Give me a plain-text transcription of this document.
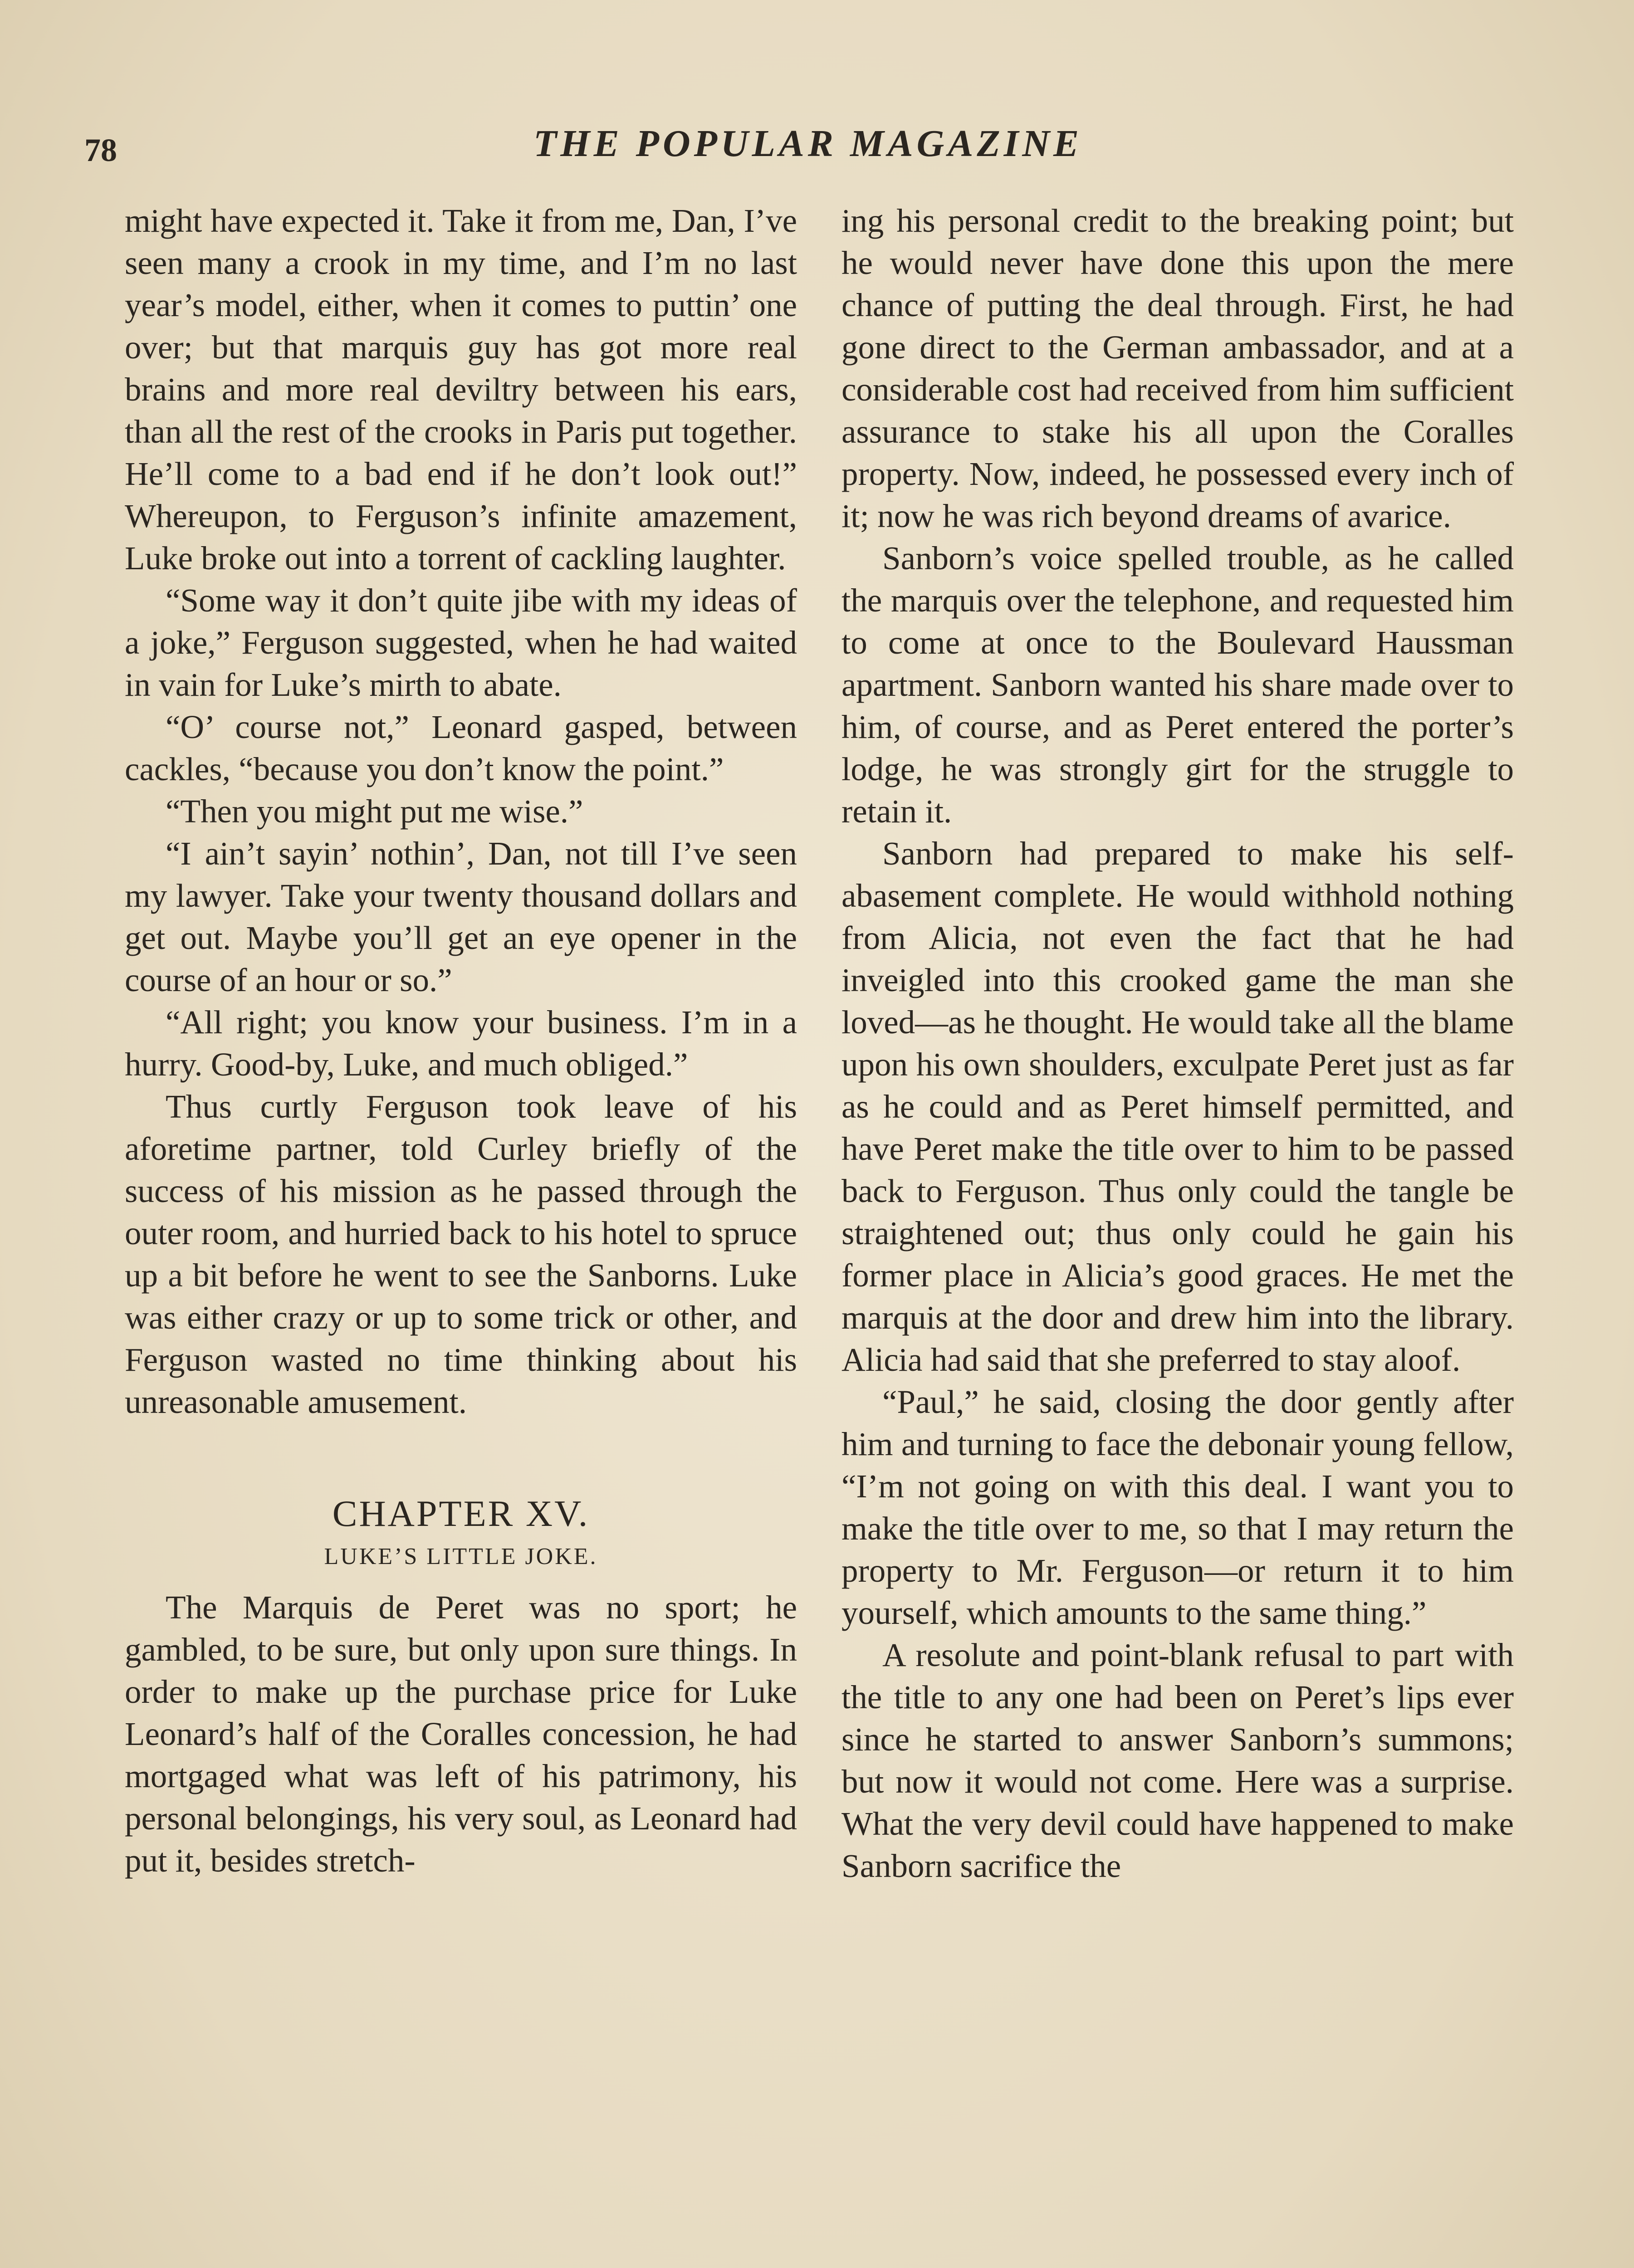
78	THE POPULAR MAGAZINE

might have expected it. Take it from me, Dan, I’ve seen many a crook in my time, and I’m no last year’s model, either, when it comes to puttin’ one over; but that marquis guy has got more real brains and more real deviltry between his ears, than all the rest of the crooks in Paris put together. He’ll come to a bad end if he don’t look out!” Whereupon, to Ferguson’s infinite amazement, Luke broke out into a torrent of cackling laughter.

“Some way it don’t quite jibe with my ideas of a joke,” Ferguson suggested, when he had waited in vain for Luke’s mirth to abate.

“O’ course not,” Leonard gasped, between cackles, “because you don’t know the point.”

“Then you might put me wise.”

“I ain’t sayin’ nothin’, Dan, not till I’ve seen my lawyer. Take your twenty thousand dollars and get out. Maybe you’ll get an eye opener in the course of an hour or so.”

“All right; you know your business. I’m in a hurry. Good-by, Luke, and much obliged.”

Thus curtly Ferguson took leave of his aforetime partner, told Curley briefly of the success of his mission as he passed through the outer room, and hurried back to his hotel to spruce up a bit before he went to see the Sanborns. Luke was either crazy or up to some trick or other, and Ferguson wasted no time thinking about his unreasonable amusement.

CHAPTER XV.
LUKE’S LITTLE JOKE.

The Marquis de Peret was no sport; he gambled, to be sure, but only upon sure things. In order to make up the purchase price for Luke Leonard’s half of the Coralles concession, he had mortgaged what was left of his patrimony, his personal belongings, his very soul, as Leonard had put it, besides stretch-

ing his personal credit to the breaking point; but he would never have done this upon the mere chance of putting the deal through. First, he had gone direct to the German ambassador, and at a considerable cost had received from him sufficient assurance to stake his all upon the Coralles property. Now, indeed, he possessed every inch of it; now he was rich beyond dreams of avarice.

Sanborn’s voice spelled trouble, as he called the marquis over the telephone, and requested him to come at once to the Boulevard Haussman apartment. Sanborn wanted his share made over to him, of course, and as Peret entered the porter’s lodge, he was strongly girt for the struggle to retain it.

Sanborn had prepared to make his self-abasement complete. He would withhold nothing from Alicia, not even the fact that he had inveigled into this crooked game the man she loved—as he thought. He would take all the blame upon his own shoulders, exculpate Peret just as far as he could and as Peret himself permitted, and have Peret make the title over to him to be passed back to Ferguson. Thus only could the tangle be straightened out; thus only could he gain his former place in Alicia’s good graces. He met the marquis at the door and drew him into the library. Alicia had said that she preferred to stay aloof.

“Paul,” he said, closing the door gently after him and turning to face the debonair young fellow, “I’m not going on with this deal. I want you to make the title over to me, so that I may return the property to Mr. Ferguson—or return it to him yourself, which amounts to the same thing.”

A resolute and point-blank refusal to part with the title to any one had been on Peret’s lips ever since he started to answer Sanborn’s summons; but now it would not come. Here was a surprise. What the very devil could have happened to make Sanborn sacrifice the
